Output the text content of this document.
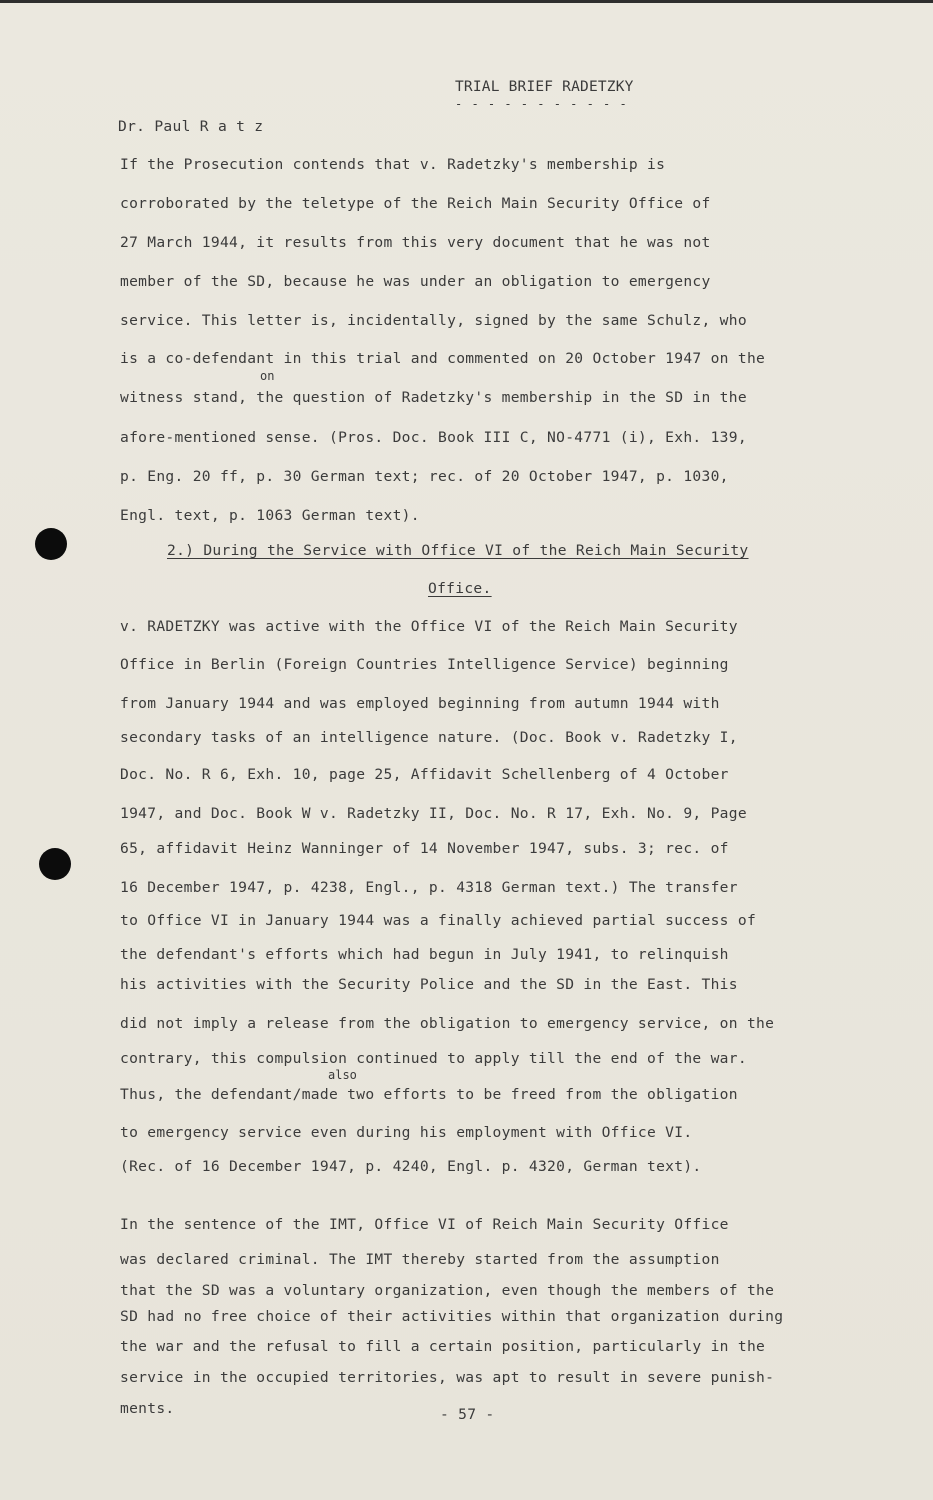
TRIAL BRIEF RADETZKY
- - - - - - - - - - -
Dr. Paul R a t z
If the Prosecution contends that v. Radetzky's membership is
corroborated by the teletype of the Reich Main Security Office of
27 March 1944, it results from this very document that he was not
member of the SD, because he was under an obligation to emergency
service. This letter is, incidentally, signed by the same Schulz, who
is a co-defendant in this trial and commented on 20 October 1947 on the
on
witness stand, the question of Radetzky's membership in the SD in the
afore-mentioned sense. (Pros. Doc. Book III C, NO-4771 (i), Exh. 139,
p. Eng. 20 ff, p. 30 German text; rec. of 20 October 1947, p. 1030,
Engl. text, p. 1063 German text).
2.) During the Service with Office VI of the Reich Main Security
Office.
v. RADETZKY was active with the Office VI of the Reich Main Security
Office in Berlin (Foreign Countries Intelligence Service) beginning
from January 1944 and was employed beginning from autumn 1944 with
secondary tasks of an intelligence nature. (Doc. Book v. Radetzky I,
Doc. No. R 6, Exh. 10, page 25, Affidavit Schellenberg of 4 October
1947, and Doc. Book W v. Radetzky II, Doc. No. R 17, Exh. No. 9, Page
65, affidavit Heinz Wanninger of 14 November 1947, subs. 3; rec. of
16 December 1947, p. 4238, Engl., p. 4318 German text.) The transfer
to Office VI in January 1944 was a finally achieved partial success of
the defendant's efforts which had begun in July 1941, to relinquish
his activities with the Security Police and the SD in the East. This
did not imply a release from the obligation to emergency service, on the
contrary, this compulsion continued to apply till the end of the war.
also
Thus, the defendant/made two efforts to be freed from the obligation
to emergency service even during his employment with Office VI.
(Rec. of 16 December 1947, p. 4240, Engl. p. 4320, German text).
In the sentence of the IMT, Office VI of Reich Main Security Office
was declared criminal. The IMT thereby started from the assumption
that the SD was a voluntary organization, even though the members of the
SD had no free choice of their activities within that organization during
the war and the refusal to fill a certain position, particularly in the
service in the occupied territories, was apt to result in severe punish-
ments.	- 57 -
